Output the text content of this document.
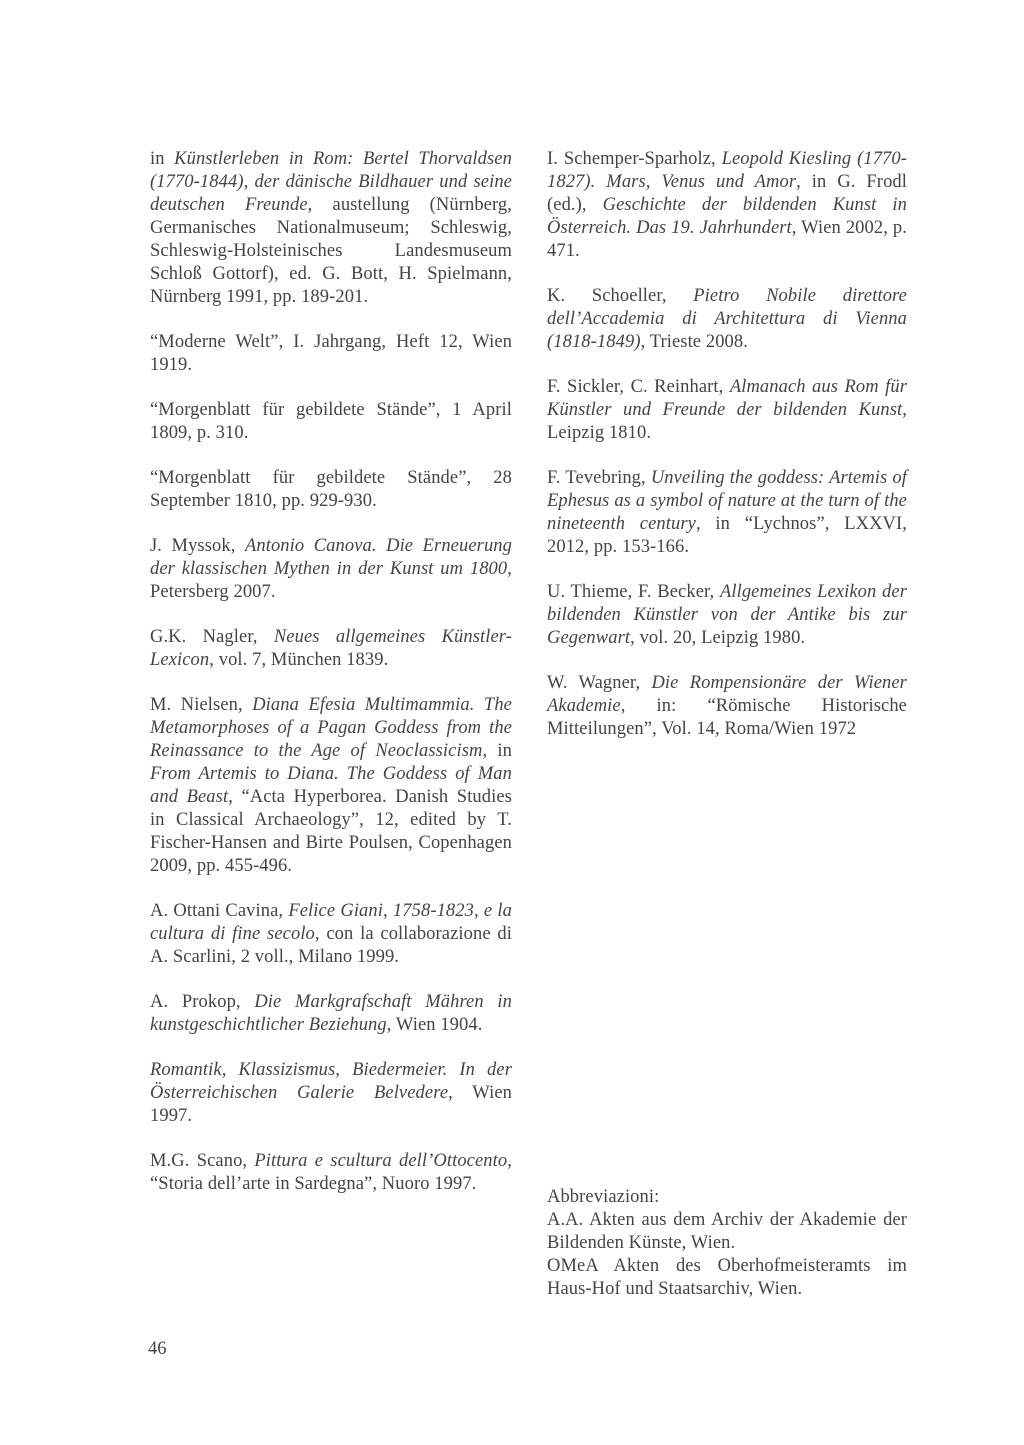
in Künstlerleben in Rom: Bertel Thorvaldsen (1770-1844), der dänische Bildhauer und seine deutschen Freunde, austellung (Nürnberg, Germanisches Nationalmuseum; Schleswig, Schleswig-Holsteinisches Landesmuseum Schloß Gottorf), ed. G. Bott, H. Spielmann, Nürnberg 1991, pp. 189-201.

“Moderne Welt”, I. Jahrgang, Heft 12, Wien 1919.

“Morgenblatt für gebildete Stände”, 1 April 1809, p. 310.

“Morgenblatt für gebildete Stände”, 28 September 1810, pp. 929-930.

J. Myssok, Antonio Canova. Die Erneuerung der klassischen Mythen in der Kunst um 1800, Petersberg 2007.

G.K. Nagler, Neues allgemeines Künstler-Lexicon, vol. 7, München 1839.

M. Nielsen, Diana Efesia Multimammia. The Metamorphoses of a Pagan Goddess from the Reinassance to the Age of Neoclassicism, in From Artemis to Diana. The Goddess of Man and Beast, “Acta Hyperborea. Danish Studies in Classical Archaeology”, 12, edited by T. Fischer-Hansen and Birte Poulsen, Copenhagen 2009, pp. 455-496.

A. Ottani Cavina, Felice Giani, 1758-1823, e la cultura di fine secolo, con la collaborazione di A. Scarlini, 2 voll., Milano 1999.

A. Prokop, Die Markgrafschaft Mähren in kunstgeschichtlicher Beziehung, Wien 1904.

Romantik, Klassizismus, Biedermeier. In der Österreichischen Galerie Belvedere, Wien 1997.

M.G. Scano, Pittura e scultura dell’Ottocento, “Storia dell’arte in Sardegna”, Nuoro 1997.

I. Schemper-Sparholz, Leopold Kiesling (1770-1827). Mars, Venus und Amor, in G. Frodl (ed.), Geschichte der bildenden Kunst in Österreich. Das 19. Jahrhundert, Wien 2002, p. 471.

K. Schoeller, Pietro Nobile direttore dell’Accademia di Architettura di Vienna (1818-1849), Trieste 2008.

F. Sickler, C. Reinhart, Almanach aus Rom für Künstler und Freunde der bildenden Kunst, Leipzig 1810.

F. Tevebring, Unveiling the goddess: Artemis of Ephesus as a symbol of nature at the turn of the nineteenth century, in “Lychnos”, LXXVI, 2012, pp. 153-166.

U. Thieme, F. Becker, Allgemeines Lexikon der bildenden Künstler von der Antike bis zur Gegenwart, vol. 20, Leipzig 1980.

W. Wagner, Die Rompensionäre der Wiener Akademie, in: “Römische Historische Mitteilungen”, Vol. 14, Roma/Wien 1972

Abbreviazioni:

A.A. Akten aus dem Archiv der Akademie der Bildenden Künste, Wien.

OMeA Akten des Oberhofmeisteramts im Haus-Hof und Staatsarchiv, Wien.

46
